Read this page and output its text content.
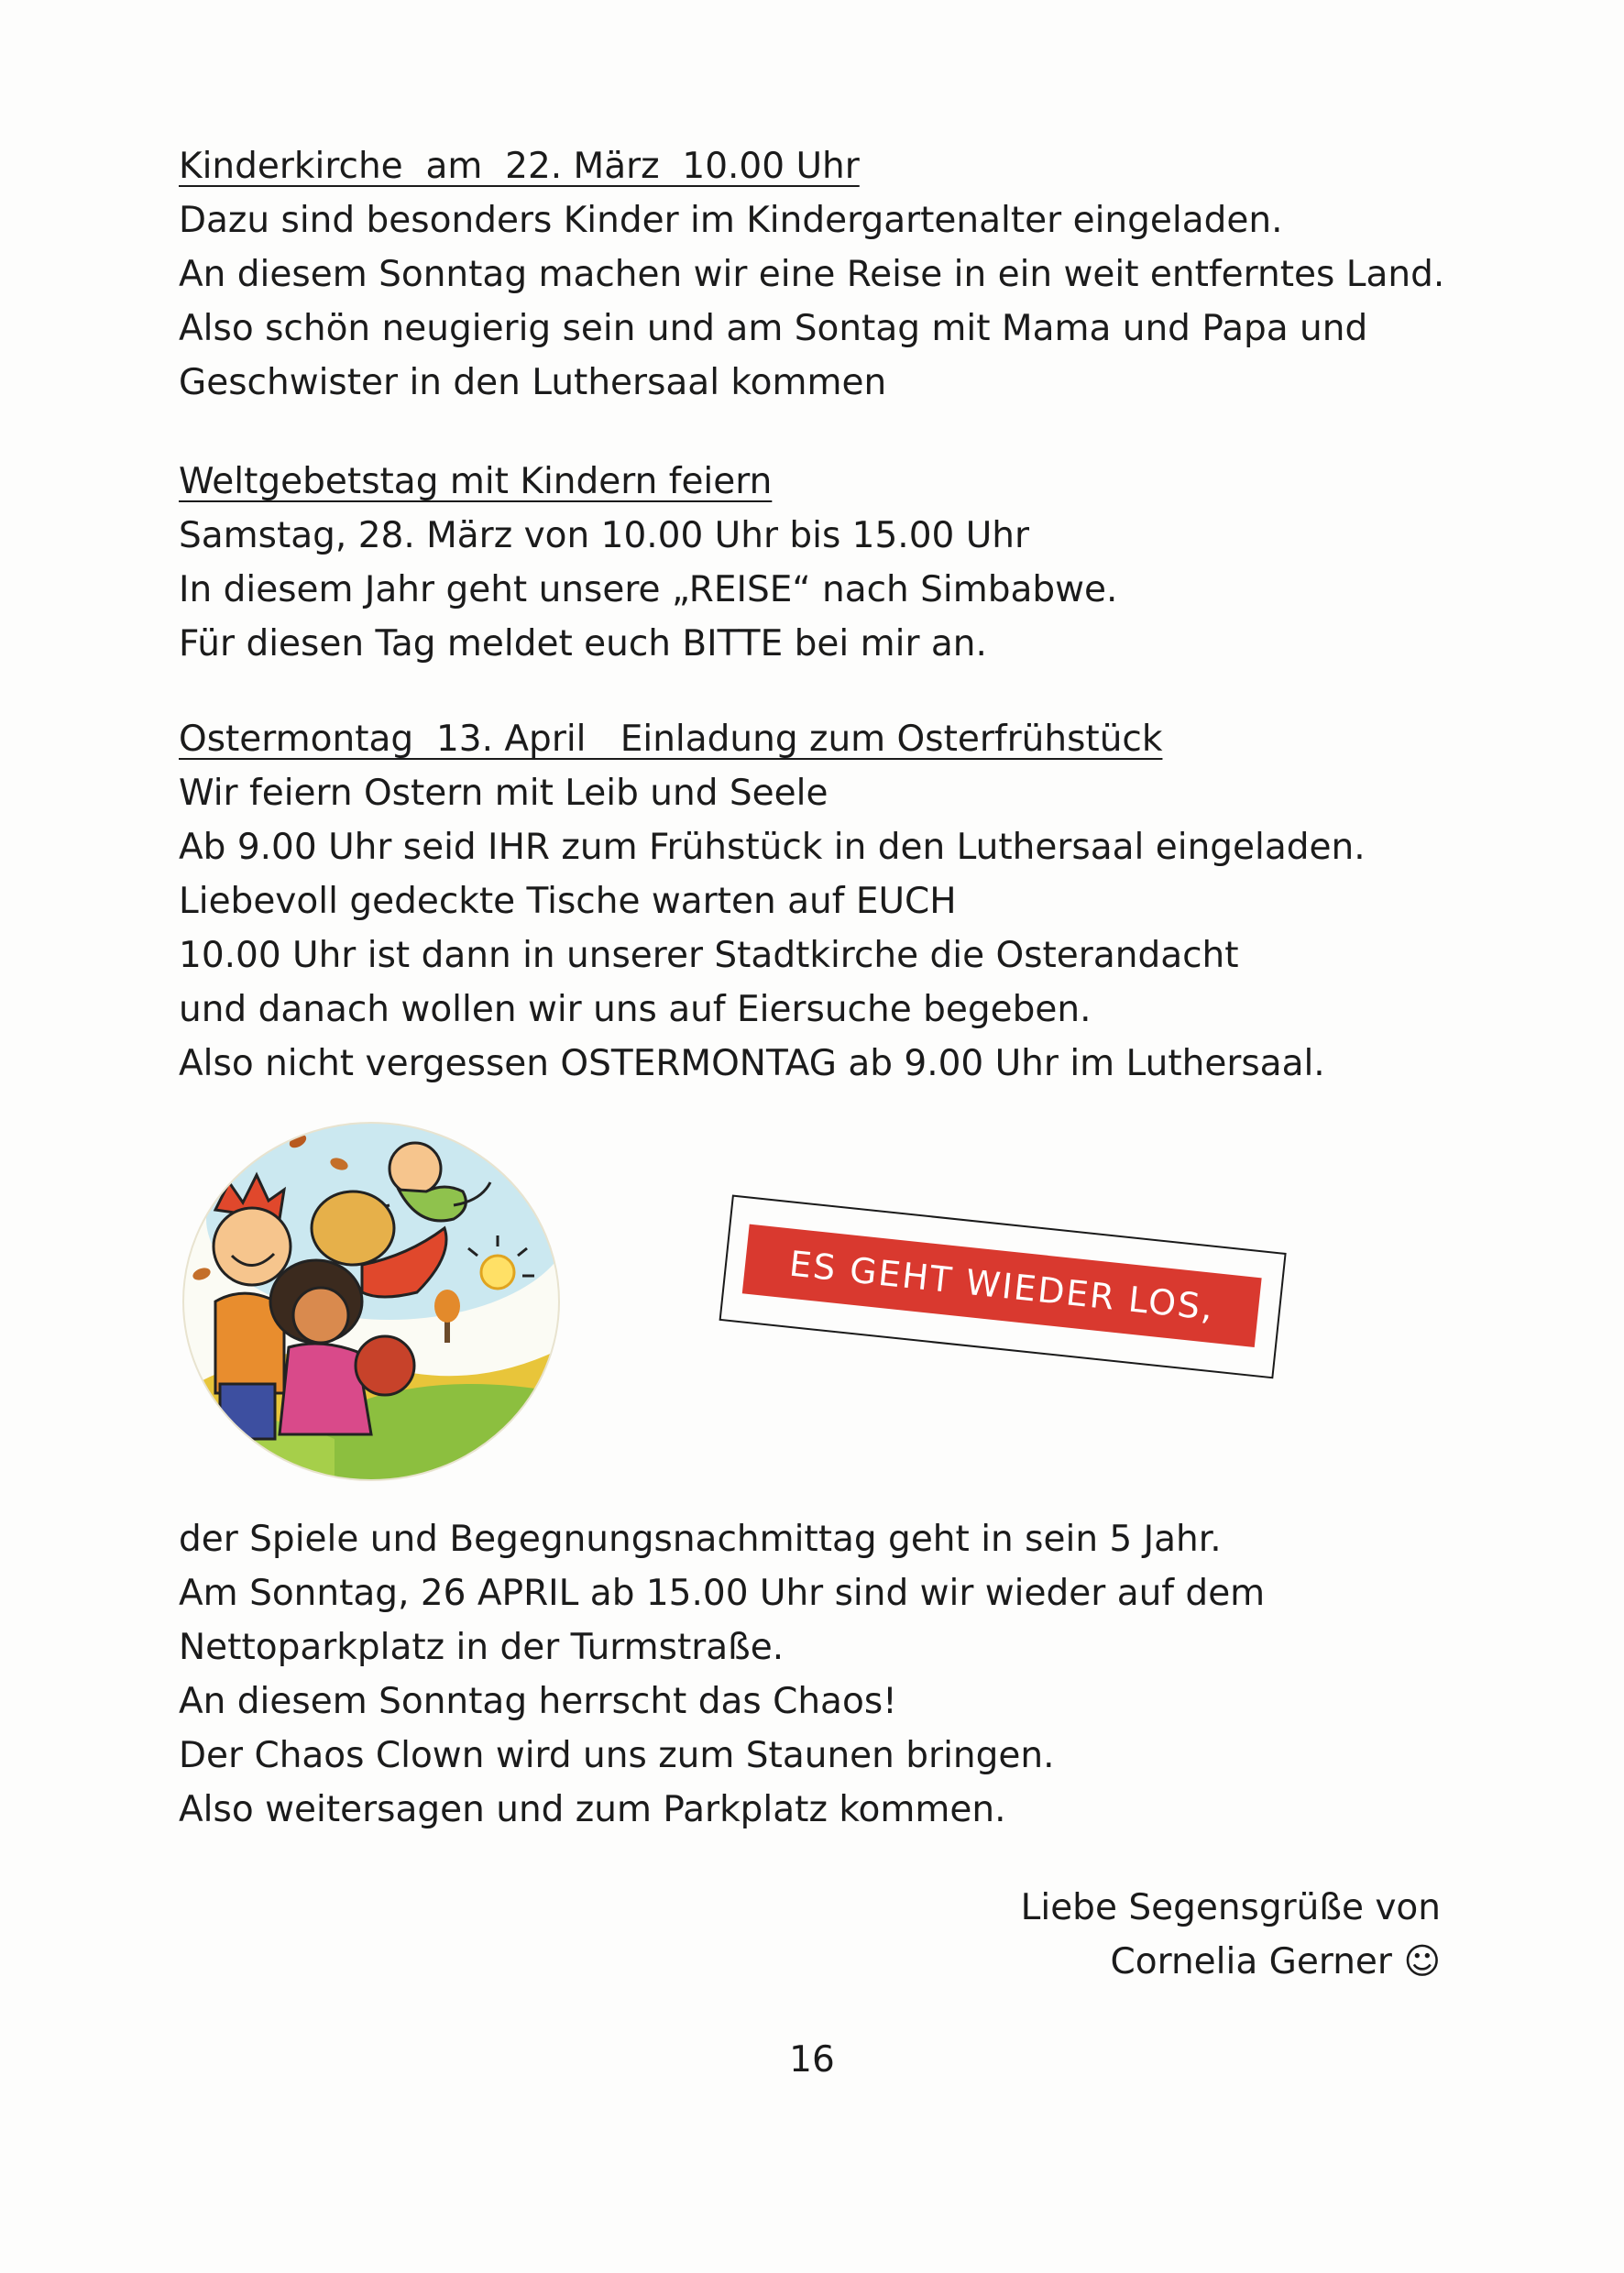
Kinderkirche  am  22. März  10.00 Uhr

Dazu sind besonders Kinder im Kindergartenalter eingeladen.

An diesem Sonntag machen wir eine Reise in ein weit entferntes Land.

Also schön neugierig sein und am Sontag mit Mama und Papa und

Geschwister in den Luthersaal kommen

Weltgebetstag mit Kindern feiern

Samstag, 28. März von 10.00 Uhr bis 15.00 Uhr

In diesem Jahr geht unsere „REISE“ nach Simbabwe.

Für diesen Tag meldet euch BITTE bei mir an.

Ostermontag  13. April   Einladung zum Osterfrühstück

Wir feiern Ostern mit Leib und Seele

Ab 9.00 Uhr seid IHR zum Frühstück in den Luthersaal eingeladen.

Liebevoll gedeckte Tische warten auf EUCH

10.00 Uhr ist dann in unserer Stadtkirche die Osterandacht

und danach wollen wir uns auf Eiersuche begeben.

Also nicht vergessen OSTERMONTAG ab 9.00 Uhr im Luthersaal.

ES GEHT WIEDER LOS,

der Spiele und Begegnungsnachmittag geht in sein 5 Jahr.

Am Sonntag, 26 APRIL ab 15.00 Uhr sind wir wieder auf dem

Nettoparkplatz in der Turmstraße.

An diesem Sonntag herrscht das Chaos!

Der Chaos Clown wird uns zum Staunen bringen.

Also weitersagen und zum Parkplatz kommen.

Liebe Segensgrüße von

Cornelia Gerner ☺

16
